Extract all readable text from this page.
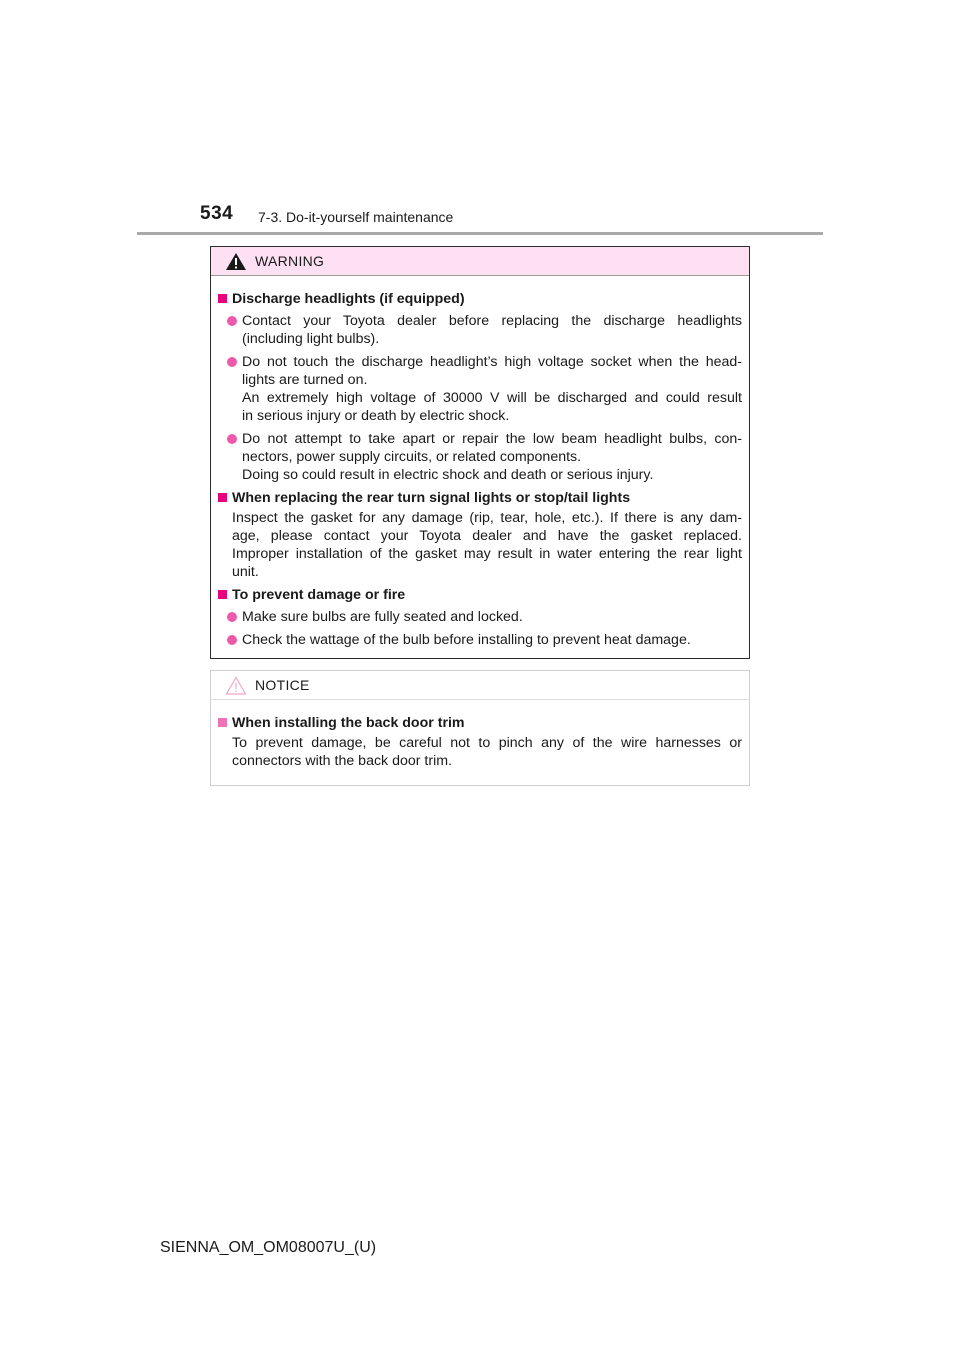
534 7-3. Do-it-yourself maintenance
WARNING
Discharge headlights (if equipped)
Contact your Toyota dealer before replacing the discharge headlights
(including light bulbs).
Do not touch the discharge headlight’s high voltage socket when the head-
lights are turned on.
An extremely high voltage of 30000 V will be discharged and could result
in serious injury or death by electric shock.
Do not attempt to take apart or repair the low beam headlight bulbs, con-
nectors, power supply circuits, or related components.
Doing so could result in electric shock and death or serious injury.
When replacing the rear turn signal lights or stop/tail lights
Inspect the gasket for any damage (rip, tear, hole, etc.). If there is any dam-
age, please contact your Toyota dealer and have the gasket replaced.
Improper installation of the gasket may result in water entering the rear light
unit.
To prevent damage or fire
Make sure bulbs are fully seated and locked.
Check the wattage of the bulb before installing to prevent heat damage.
NOTICE
When installing the back door trim
To prevent damage, be careful not to pinch any of the wire harnesses or
connectors with the back door trim.
SIENNA_OM_OM08007U_(U)
